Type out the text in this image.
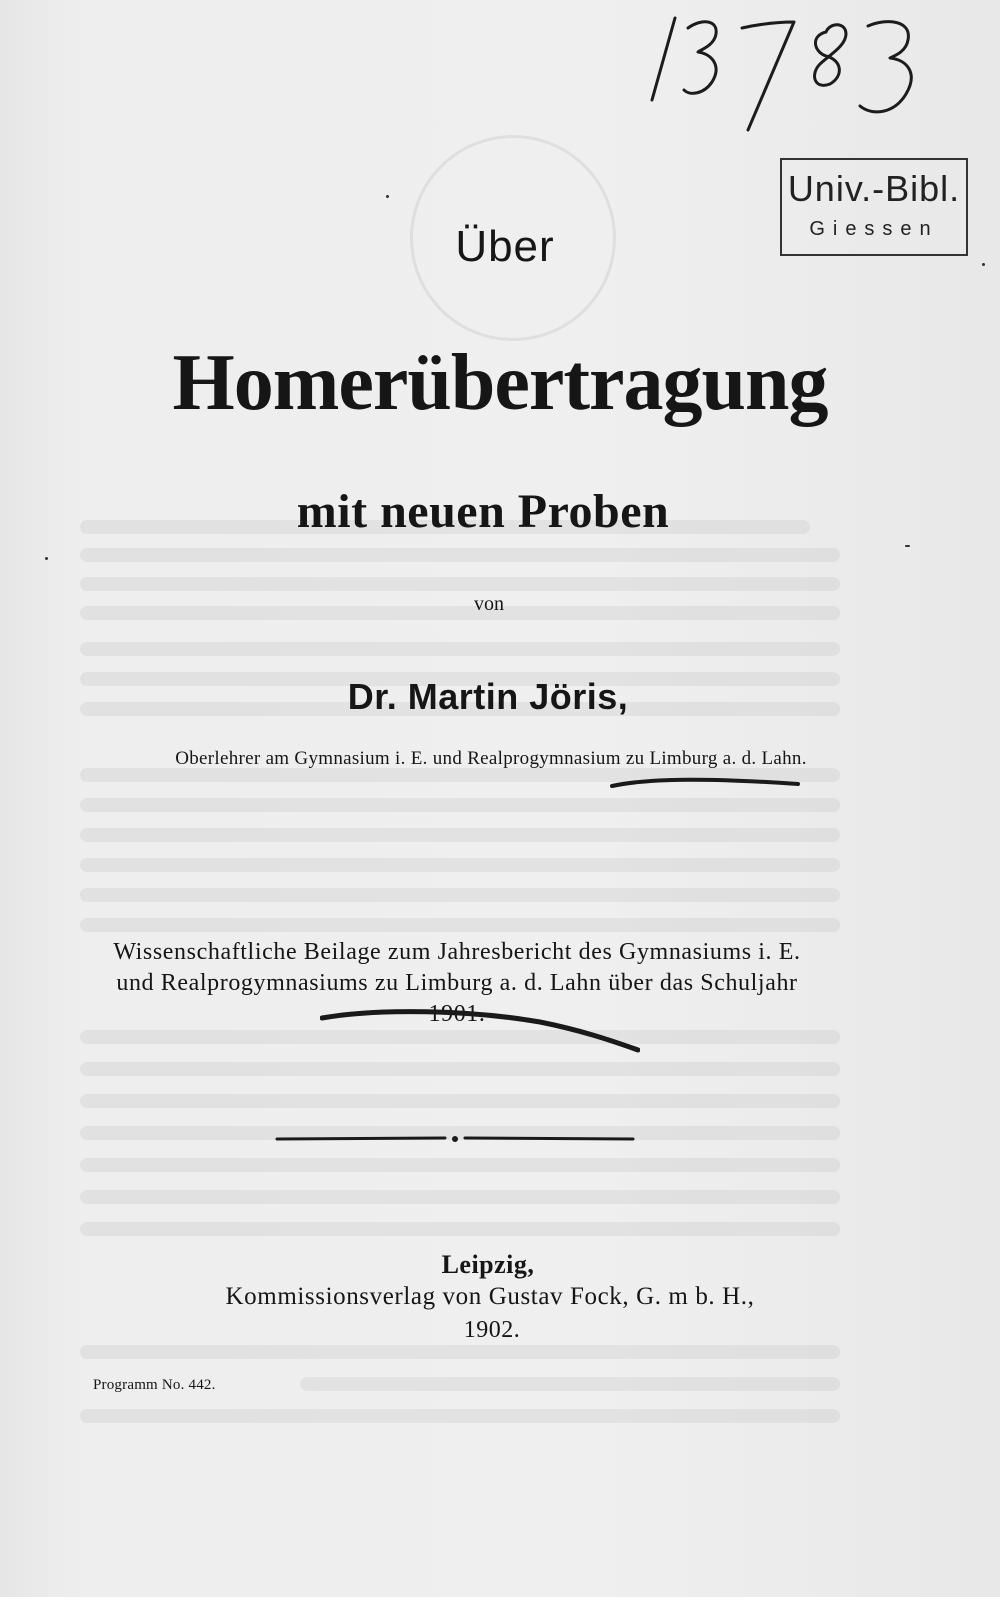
Univ.-Bibl.
Giessen
Über
Homerübertragung
mit neuen Proben
von
Dr. Martin Jöris,
Oberlehrer am Gymnasium i. E. und Realprogymnasium zu Limburg a. d. Lahn.
Wissenschaftliche Beilage zum Jahresbericht des Gymnasiums i. E.
und Realprogymnasiums zu Limburg a. d. Lahn über das Schuljahr
1901.
Leipzig,
Kommissionsverlag von Gustav Fock, G. m b. H.,
1902.
Programm No. 442.
